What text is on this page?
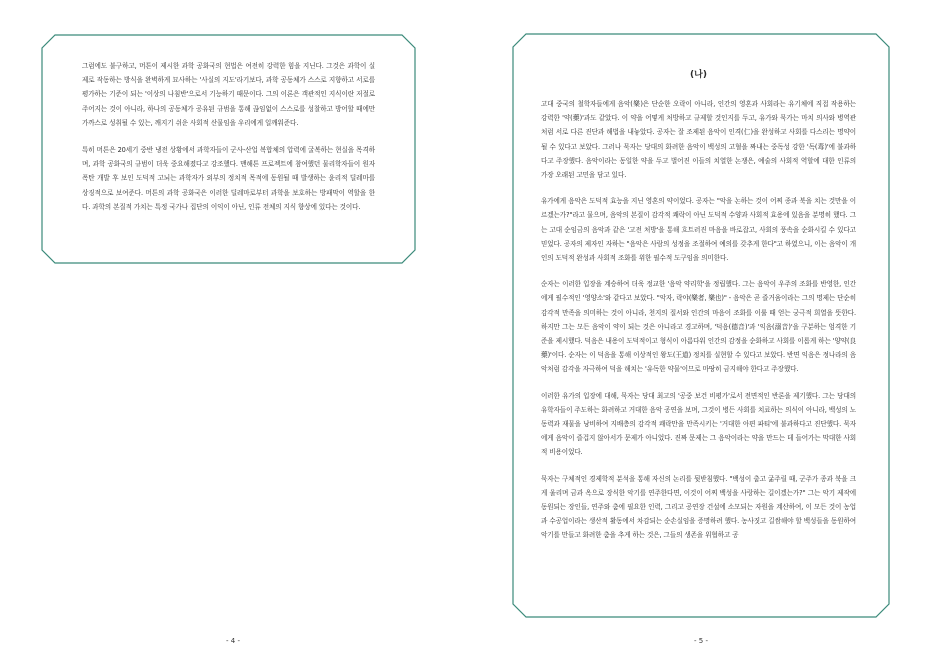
그럼에도 불구하고, 머튼이 제시한 과학 공화국의 현법은 여전히 강력한 힘을 지닌다. 그것은 과학이 실제로 작동하는 방식을 완벽하게 묘사하는 '사실의 지도'라기보다, 과학 공동체가 스스로 지향하고 서로를 평가하는 기준이 되는 '이상의 나침반'으로서 기능하기 때문이다. 그의 이론은 객관적인 지식이란 저절로 주어지는 것이 아니라, 하나의 공동체가 공유된 규범을 통해 끊임없이 스스로를 성찰하고 방어할 때에만 가까스로 성취될 수 있는, 깨지기 쉬운 사회적 산물임을 우리에게 일깨워준다.

특히 머튼은 20세기 중반 냉전 상황에서 과학자들이 군사-산업 복합체의 압력에 굴복하는 현실을 목격하며, 과학 공화국의 규범이 더욱 중요해졌다고 강조했다. 맨해튼 프로젝트에 참여했던 물리학자들이 원자폭탄 개발 후 보인 도덕적 고뇌는 과학자가 외부의 정치적 목적에 동원될 때 발생하는 윤리적 딜레마를 상징적으로 보여준다. 머튼의 과학 공화국은 이러한 딜레마로부터 과학을 보호하는 방패막이 역할을 한다. 과학의 본질적 가치는 특정 국가나 집단의 이익이 아닌, 인류 전체의 지식 향상에 있다는 것이다.

- 4 -
(나)

고대 중국의 철학자들에게 음악(樂)은 단순한 오락이 아니라, 인간의 영혼과 사회라는 유기체에 직접 작용하는 강력한 '약(藥)'과도 같았다. 이 약을 어떻게 처방하고 규제할 것인지를 두고, 유가와 묵가는 마치 의사와 병역관처럼 서로 다른 진단과 해법을 내놓았다. 공자는 잘 조제된 음악이 인격(仁)을 완성하고 사회를 다스리는 명약이 될 수 있다고 보았다. 그러나 묵자는 당대의 화려한 음악이 백성의 고혈을 짜내는 중독성 강한 '독(毒)'에 불과하다고 주장했다. 음악이라는 동일한 약을 두고 벌어진 이들의 치열한 논쟁은, 예술의 사회적 역할에 대한 인류의 가장 오래된 고민을 담고 있다.

유가에게 음악은 도덕적 효능을 지닌 영혼의 약이었다. 공자는 "악을 논하는 것이 어찌 종과 북을 치는 것만을 이르겠는가?"라고 물으며, 음악의 본질이 감각적 쾌락이 아닌 도덕적 수양과 사회적 효용에 있음을 분명히 했다. 그는 고대 순임금의 음악과 같은 '고전 처방'을 통해 흐트러진 마음을 바로잡고, 사회의 풍속을 순화시킬 수 있다고 믿었다. 공자의 제자인 자하는 "음악은 사람의 성정을 조절하여 예의를 갖추게 한다"고 하였으니, 이는 음악이 개인의 도덕적 완성과 사회적 조화를 위한 필수적 도구임을 의미한다.

순자는 이러한 입장을 계승하여 더욱 정교한 '음악 약리학'을 정립했다. 그는 음악이 우주의 조화를 반영한, 인간에게 필수적인 '영양소'와 같다고 보았다. "악자, 락야(樂者, 樂也)" - 음악은 곧 즐거움이라는 그의 명제는 단순히 감각적 만족을 의미하는 것이 아니라, 천지의 질서와 인간의 마음이 조화를 이룰 때 얻는 궁극적 희열을 뜻한다. 하지만 그는 모든 음악이 약이 되는 것은 아니라고 경고하며, '덕음(德音)'과 '익음(溺音)'을 구분하는 엄격한 기준을 제시했다. 덕음은 내용이 도덕적이고 형식이 아름다워 인간의 감정을 순화하고 사회를 이롭게 하는 '양약(良藥)'이다. 순자는 이 덕음을 통해 이상적인 왕도(王道) 정치를 실현할 수 있다고 보았다. 반면 익음은 정나라의 음악처럼 감각을 자극하여 덕을 해치는 '유독한 약물'이므로 마땅히 금지해야 한다고 주장했다.

이러한 유가의 입장에 대해, 묵자는 당대 최고의 '공중 보건 비평가'로서 전면적인 반론을 제기했다. 그는 당대의 유학자들이 주도하는 화려하고 거대한 음악 공연을 보며, 그것이 병든 사회를 치료하는 의식이 아니라, 백성의 노동력과 재물을 낭비하여 지배층의 감각적 쾌락만을 만족시키는 '거대한 아편 파티'에 불과하다고 진단했다. 묵자에게 음악이 즐겁지 않아서가 문제가 아니었다. 진짜 문제는 그 음악이라는 약을 만드는 데 들어가는 막대한 사회적 비용이었다.

묵자는 구체적인 경제학적 분석을 통해 자신의 논리를 뒷받침했다. "백성이 춥고 굶주릴 때, 군주가 종과 북을 크게 울리며 금과 옥으로 장식한 악기를 연주한다면, 이것이 어찌 백성을 사랑하는 길이겠는가?" 그는 악기 제작에 동원되는 장인들, 연주와 춤에 필요한 인력, 그리고 공연장 건설에 소모되는 자원을 계산하여, 이 모든 것이 농업과 수공업이라는 생산적 활동에서 차감되는 순손실임을 증명하려 했다. 농사짓고 길쌈해야 할 백성들을 동원하여 악기를 만들고 화려한 춤을 추게 하는 것은, 그들의 생존을 위협하고 공

- 5 -
